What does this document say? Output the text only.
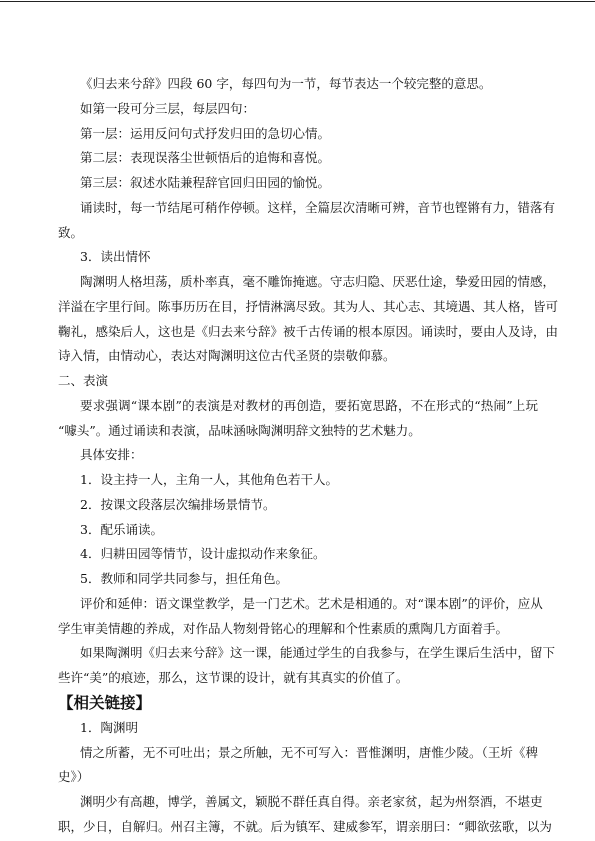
《归去来兮辞》四段 60 字，每四句为一节，每节表达一个较完整的意思。
如第一段可分三层，每层四句：
第一层：运用反问句式抒发归田的急切心情。
第二层：表现误落尘世顿悟后的追悔和喜悦。
第三层：叙述水陆兼程辞官回归田园的愉悦。
诵读时，每一节结尾可稍作停顿。这样，全篇层次清晰可辨，音节也铿锵有力，错落有
致。
3．读出情怀
陶渊明人格坦荡，质朴率真，毫不雕饰掩遮。守志归隐、厌恶仕途，挚爱田园的情感，
洋溢在字里行间。陈事历历在目，抒情淋漓尽致。其为人、其心志、其境遇、其人格，皆可
鞠礼，感染后人，这也是《归去来兮辞》被千古传诵的根本原因。诵读时，要由人及诗，由
诗入情，由情动心，表达对陶渊明这位古代圣贤的崇敬仰慕。
二、表演
要求强调“课本剧”的表演是对教材的再创造，要拓宽思路，不在形式的“热闹”上玩
“噱头”。通过诵读和表演，品味涵咏陶渊明辞文独特的艺术魅力。
具体安排：
1．设主持一人，主角一人，其他角色若干人。
2．按课文段落层次编排场景情节。
3．配乐诵读。
4．归耕田园等情节，设计虚拟动作来象征。
5．教师和同学共同参与，担任角色。
评价和延伸：语文课堂教学，是一门艺术。艺术是相通的。对“课本剧”的评价，应从
学生审美情趣的养成，对作品人物刻骨铭心的理解和个性素质的熏陶几方面着手。
如果陶渊明《归去来兮辞》这一课，能通过学生的自我参与，在学生课后生活中，留下
些许“美”的痕迹，那么，这节课的设计，就有其真实的价值了。
【相关链接】
1．陶渊明
情之所蓄，无不可吐出；景之所触，无不可写入：晋惟渊明，唐惟少陵。（王圻《稗
史》）
渊明少有高趣，博学，善属文，颖脱不群任真自得。亲老家贫，起为州祭酒，不堪吏
职，少日，自解归。州召主簿，不就。后为镇军、建威参军，谓亲朋曰：“卿欲弦歌，以为
